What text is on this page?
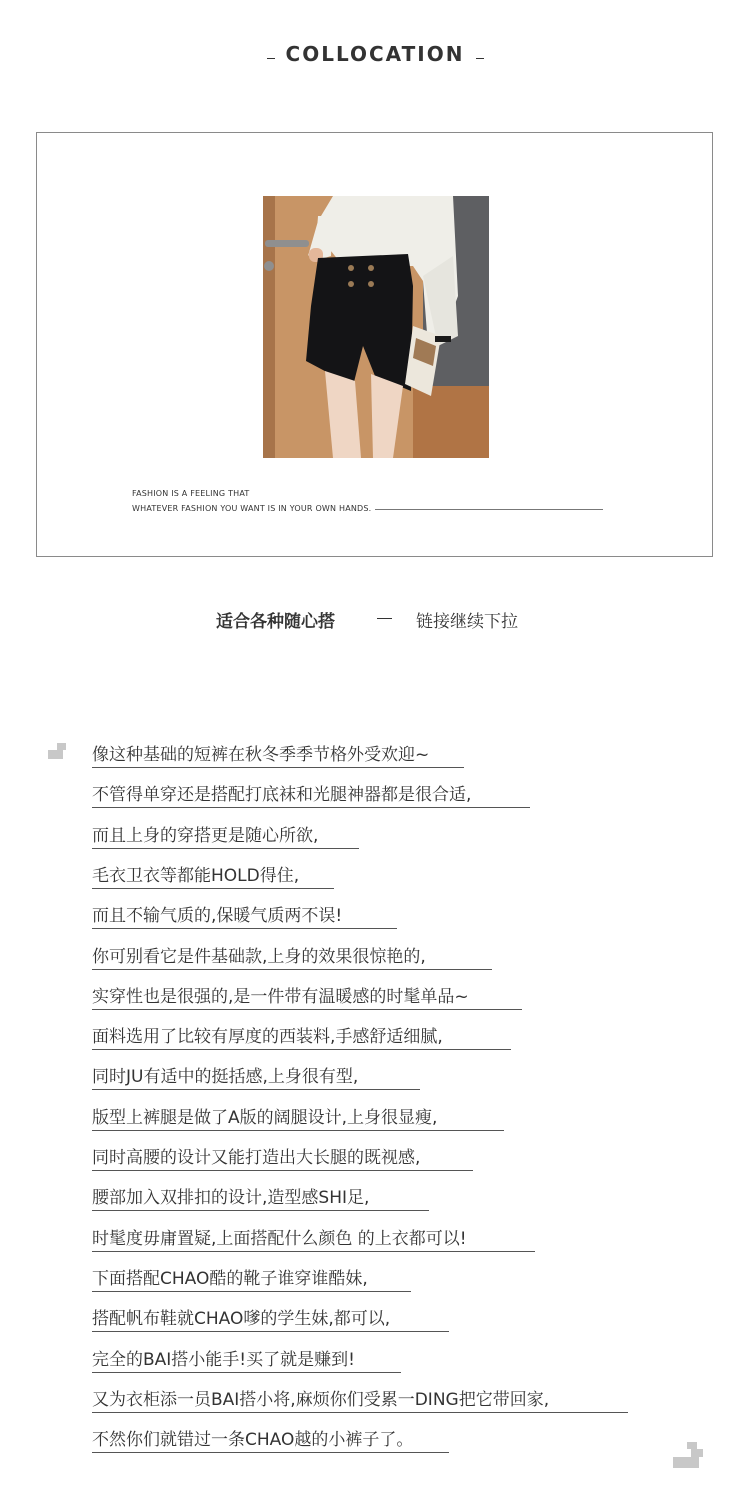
COLLOCATION
FASHION IS A FEELING THAT
WHATEVER FASHION YOU WANT IS IN YOUR OWN HANDS.
适合各种随心搭	链接继续下拉
像这种基础的短裤在秋冬季季节格外受欢迎~
不管得单穿还是搭配打底袜和光腿神器都是很合适,
而且上身的穿搭更是随心所欲,
毛衣卫衣等都能HOLD得住,
而且不输气质的,保暖气质两不误!
你可别看它是件基础款,上身的效果很惊艳的,
实穿性也是很强的,是一件带有温暖感的时髦单品~
面料选用了比较有厚度的西装料,手感舒适细腻,
同时JU有适中的挺括感,上身很有型,
版型上裤腿是做了A版的阔腿设计,上身很显瘦,
同时高腰的设计又能打造出大长腿的既视感,
腰部加入双排扣的设计,造型感SHI足,
时髦度毋庸置疑,上面搭配什么颜色 的上衣都可以!
下面搭配CHAO酷的靴子谁穿谁酷妹,
搭配帆布鞋就CHAO嗲的学生妹,都可以,
完全的BAI搭小能手!买了就是赚到!
又为衣柜添一员BAI搭小将,麻烦你们受累一DING把它带回家,
不然你们就错过一条CHAO越的小裤子了。
